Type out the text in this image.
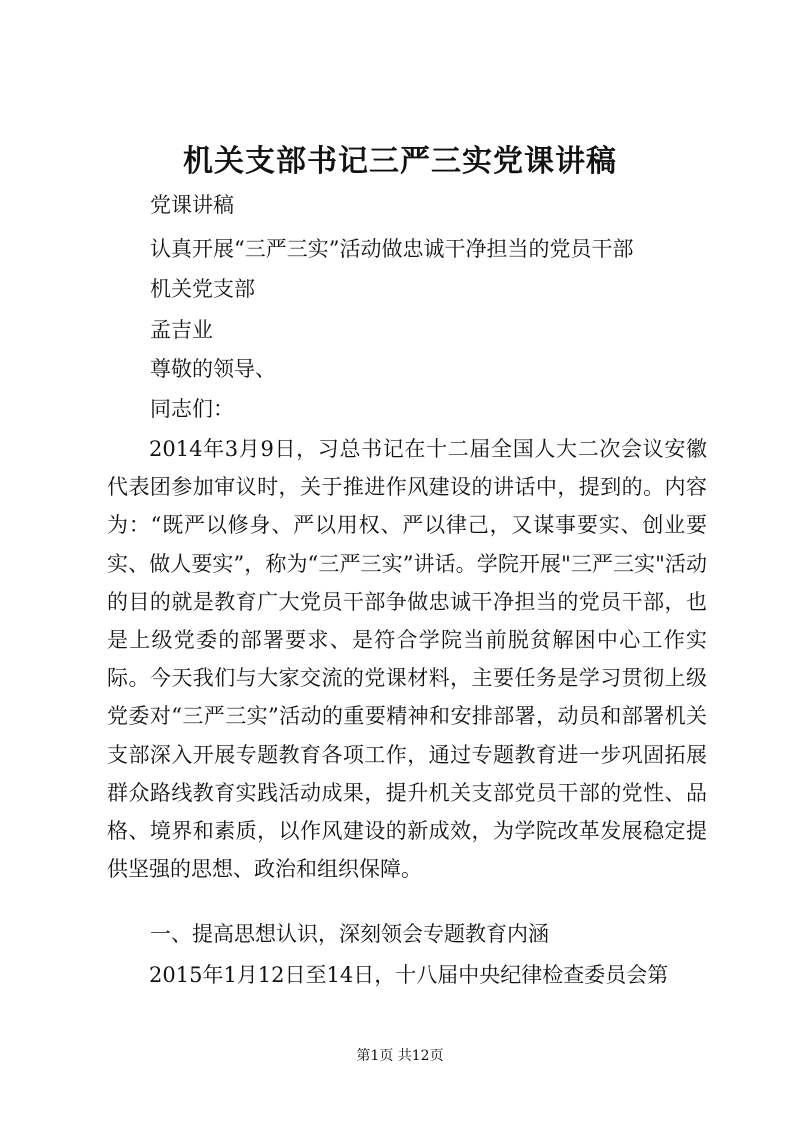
机关支部书记三严三实党课讲稿

党课讲稿

认真开展“三严三实”活动做忠诚干净担当的党员干部

机关党支部

孟吉业

尊敬的领导、

同志们：

2014年3月9日，习总书记在十二届全国人大二次会议安徽代表团参加审议时，关于推进作风建设的讲话中，提到的。内容为：“既严以修身、严以用权、严以律己，又谋事要实、创业要实、做人要实”，称为“三严三实”讲话。学院开展"三严三实"活动的目的就是教育广大党员干部争做忠诚干净担当的党员干部，也是上级党委的部署要求、是符合学院当前脱贫解困中心工作实际。今天我们与大家交流的党课材料，主要任务是学习贯彻上级党委对“三严三实”活动的重要精神和安排部署，动员和部署机关支部深入开展专题教育各项工作，通过专题教育进一步巩固拓展群众路线教育实践活动成果，提升机关支部党员干部的党性、品格、境界和素质，以作风建设的新成效，为学院改革发展稳定提供坚强的思想、政治和组织保障。

一、提高思想认识，深刻领会专题教育内涵

2015年1月12日至14日，十八届中央纪律检查委员会第

第1页 共12页
